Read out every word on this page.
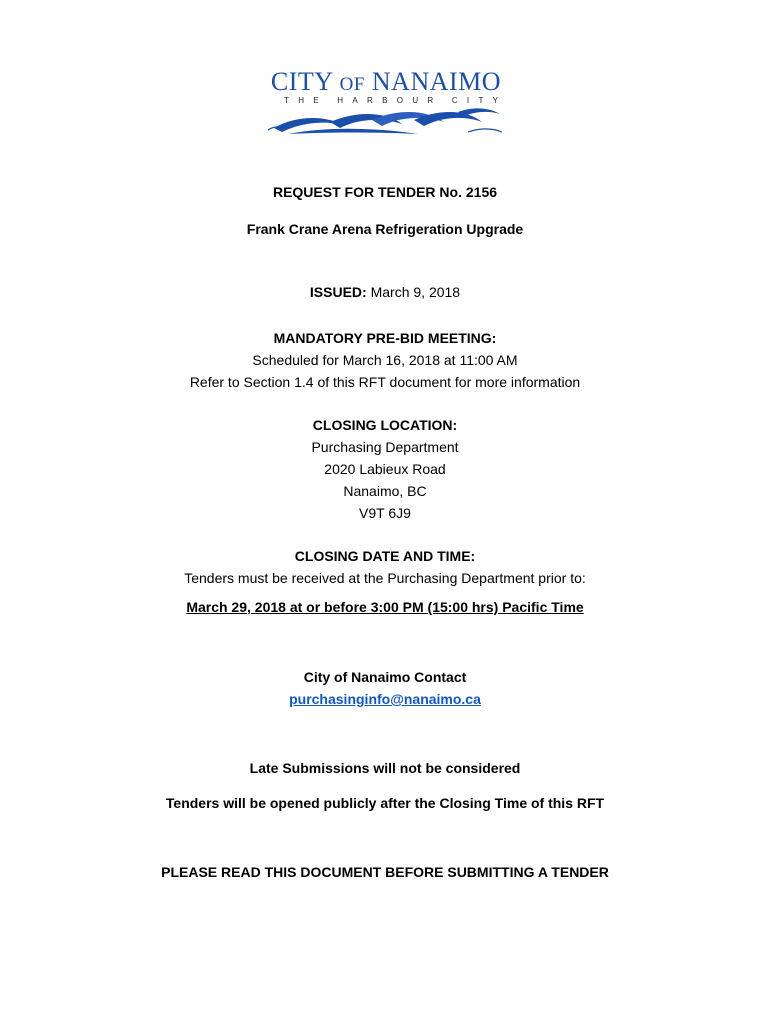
CITY OF NANAIMO
T H E H A R B O U R C I T Y
REQUEST FOR TENDER No. 2156
Frank Crane Arena Refrigeration Upgrade
ISSUED: March 9, 2018
MANDATORY PRE-BID MEETING:
Scheduled for March 16, 2018 at 11:00 AM
Refer to Section 1.4 of this RFT document for more information
CLOSING LOCATION:
Purchasing Department
2020 Labieux Road
Nanaimo, BC
V9T 6J9
CLOSING DATE AND TIME:
Tenders must be received at the Purchasing Department prior to:
March 29, 2018 at or before 3:00 PM (15:00 hrs) Pacific Time
City of Nanaimo Contact
purchasinginfo@nanaimo.ca
Late Submissions will not be considered
Tenders will be opened publicly after the Closing Time of this RFT
PLEASE READ THIS DOCUMENT BEFORE SUBMITTING A TENDER
